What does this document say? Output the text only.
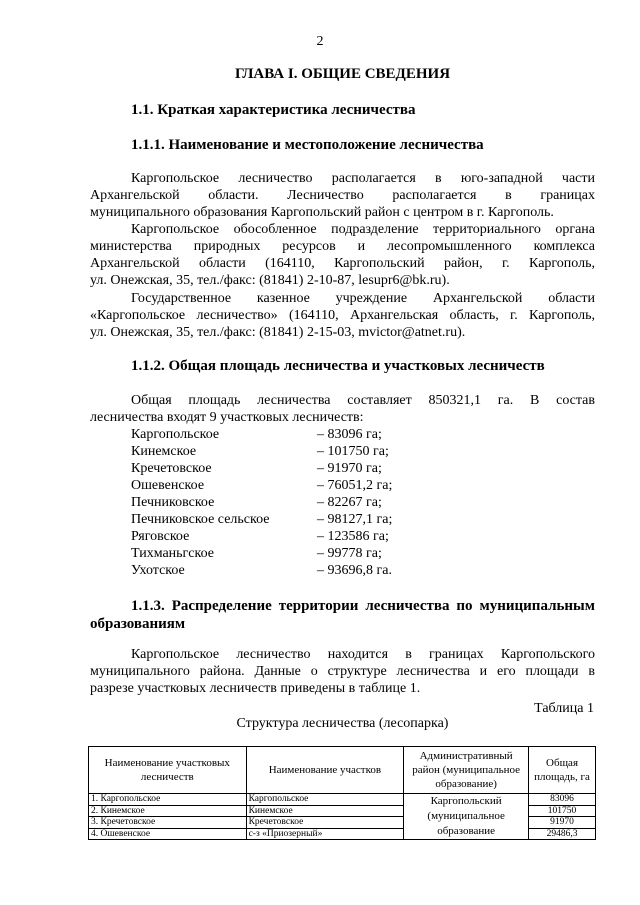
2
ГЛАВА I. ОБЩИЕ СВЕДЕНИЯ
1.1. Краткая характеристика лесничества
1.1.1. Наименование и местоположение лесничества
Каргопольское лесничество располагается в юго-западной части
Архангельской области. Лесничество располагается в границах
муниципального образования Каргопольский район с центром в г. Каргополь.
Каргопольское обособленное подразделение территориального органа
министерства природных ресурсов и лесопромышленного комплекса
Архангельской области (164110, Каргопольский район, г. Каргополь,
ул. Онежская, 35, тел./факс: (81841) 2-10-87, lesupr6@bk.ru).
Государственное казенное учреждение Архангельской области
«Каргопольское лесничество» (164110, Архангельская область, г. Каргополь,
ул. Онежская, 35, тел./факс: (81841) 2-15-03, mvictor@atnet.ru).
1.1.2. Общая площадь лесничества и участковых лесничеств
Общая площадь лесничества составляет 850321,1 га. В состав
лесничества входят 9 участковых лесничеств:
Каргопольское	– 83096 га;
Кинемское	– 101750 га;
Кречетовское	– 91970 га;
Ошевенское	– 76051,2 га;
Печниковское	– 82267 га;
Печниковское сельское	– 98127,1 га;
Ряговское	– 123586 га;
Тихманьгское	– 99778 га;
Ухотское	– 93696,8 га.
1.1.3. Распределение территории лесничества по муниципальным
образованиям
Каргопольское лесничество находится в границах Каргопольского
муниципального района. Данные о структуре лесничества и его площади в
разрезе участковых лесничеств приведены в таблице 1.
Таблица 1
Структура лесничества (лесопарка)
Наименование участковых лесничеств	Наименование участков	Административный район (муниципальное образование)	Общая площадь, га
1. Каргопольское	Каргопольское	Каргопольский (муниципальное образование	83096
2. Кинемское	Кинемское		101750
3. Кречетовское	Кречетовское		91970
4. Ошевенское	с-з «Приозерный»		29486,3
